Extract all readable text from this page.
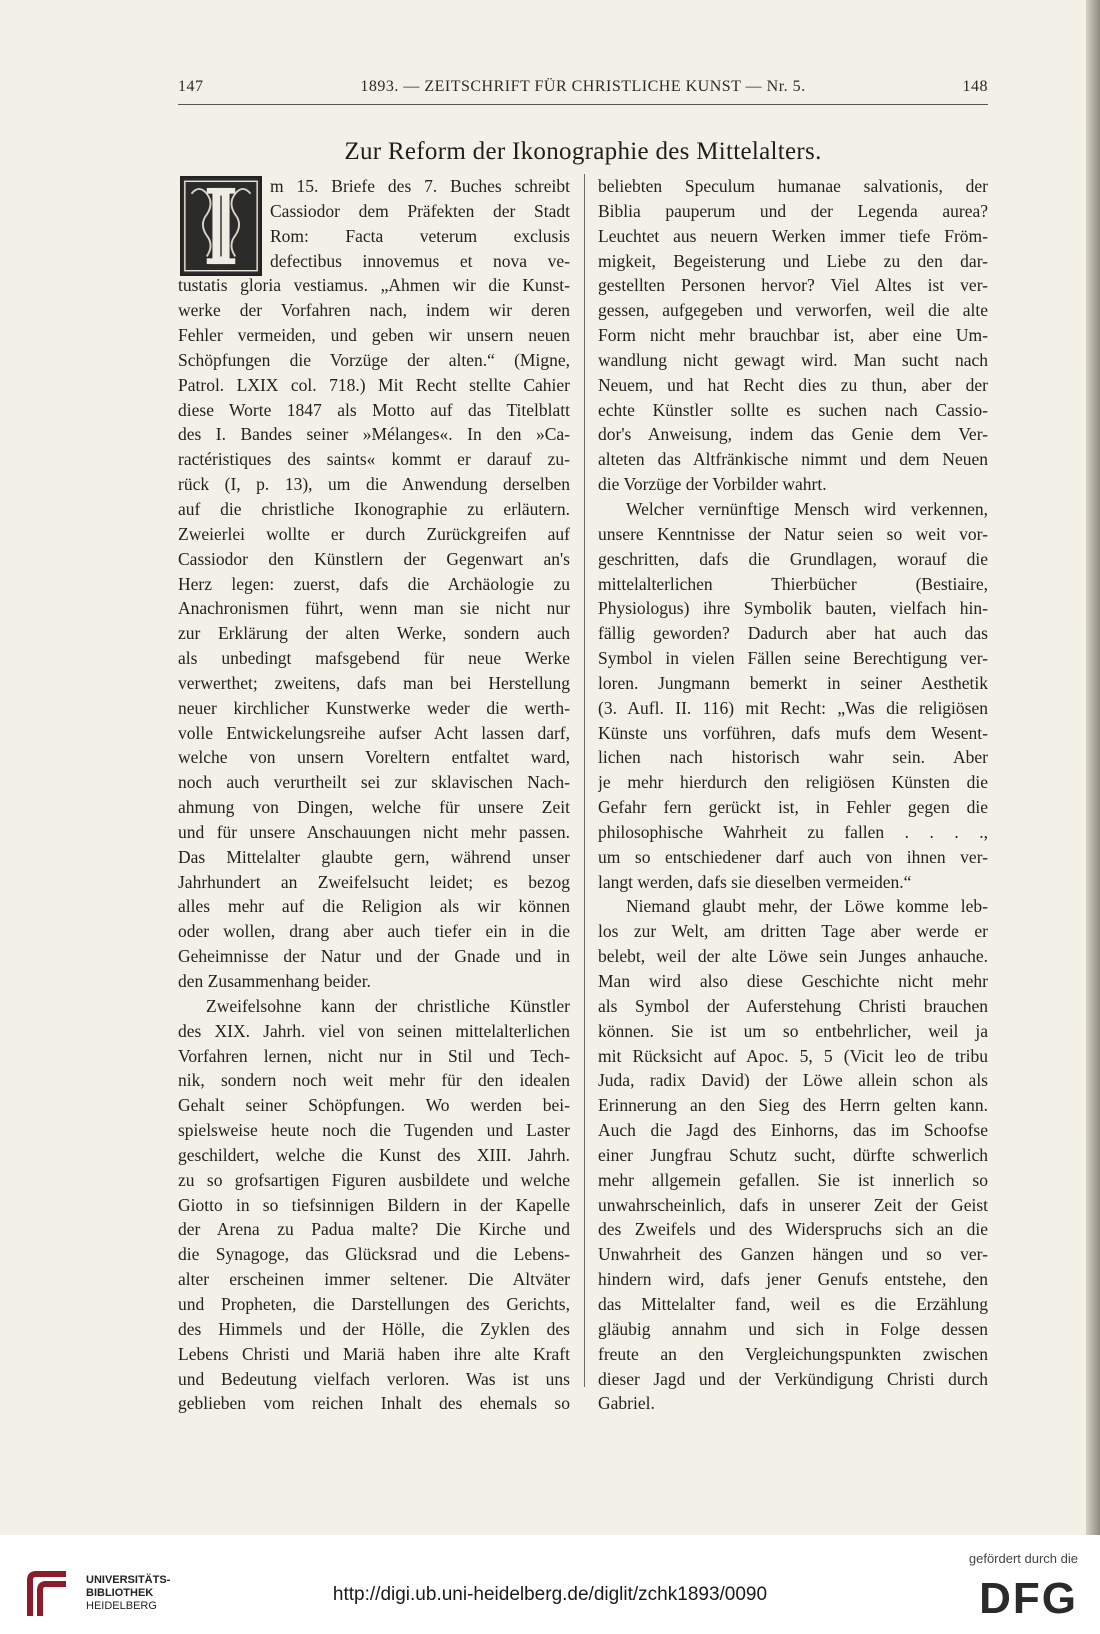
147	1893. — ZEITSCHRIFT FÜR CHRISTLICHE KUNST — Nr. 5.	148
Zur Reform der Ikonographie des Mittelalters.
m 15. Briefe des 7. Buches schreibt
Cassiodor dem Präfekten der Stadt
Rom: Facta veterum exclusis
defectibus innovemus et nova ve-
tustatis gloria vestiamus. „Ahmen wir die Kunst-
werke der Vorfahren nach, indem wir deren
Fehler vermeiden, und geben wir unsern neuen
Schöpfungen die Vorzüge der alten.“ (Migne,
Patrol. LXIX col. 718.) Mit Recht stellte Cahier
diese Worte 1847 als Motto auf das Titelblatt
des I. Bandes seiner »Mélanges«. In den »Ca-
ractéristiques des saints« kommt er darauf zu-
rück (I, p. 13), um die Anwendung derselben
auf die christliche Ikonographie zu erläutern.
Zweierlei wollte er durch Zurückgreifen auf
Cassiodor den Künstlern der Gegenwart an's
Herz legen: zuerst, dafs die Archäologie zu
Anachronismen führt, wenn man sie nicht nur
zur Erklärung der alten Werke, sondern auch
als unbedingt mafsgebend für neue Werke
verwerthet; zweitens, dafs man bei Herstellung
neuer kirchlicher Kunstwerke weder die werth-
volle Entwickelungsreihe aufser Acht lassen darf,
welche von unsern Voreltern entfaltet ward,
noch auch verurtheilt sei zur sklavischen Nach-
ahmung von Dingen, welche für unsere Zeit
und für unsere Anschauungen nicht mehr passen.
Das Mittelalter glaubte gern, während unser
Jahrhundert an Zweifelsucht leidet; es bezog
alles mehr auf die Religion als wir können
oder wollen, drang aber auch tiefer ein in die
Geheimnisse der Natur und der Gnade und in
den Zusammenhang beider.
Zweifelsohne kann der christliche Künstler
des XIX. Jahrh. viel von seinen mittelalterlichen
Vorfahren lernen, nicht nur in Stil und Tech-
nik, sondern noch weit mehr für den idealen
Gehalt seiner Schöpfungen. Wo werden bei-
spielsweise heute noch die Tugenden und Laster
geschildert, welche die Kunst des XIII. Jahrh.
zu so grofsartigen Figuren ausbildete und welche
Giotto in so tiefsinnigen Bildern in der Kapelle
der Arena zu Padua malte? Die Kirche und
die Synagoge, das Glücksrad und die Lebens-
alter erscheinen immer seltener. Die Altväter
und Propheten, die Darstellungen des Gerichts,
des Himmels und der Hölle, die Zyklen des
Lebens Christi und Mariä haben ihre alte Kraft
und Bedeutung vielfach verloren. Was ist uns
geblieben vom reichen Inhalt des ehemals so
beliebten Speculum humanae salvationis, der
Biblia pauperum und der Legenda aurea?
Leuchtet aus neuern Werken immer tiefe Fröm-
migkeit, Begeisterung und Liebe zu den dar-
gestellten Personen hervor? Viel Altes ist ver-
gessen, aufgegeben und verworfen, weil die alte
Form nicht mehr brauchbar ist, aber eine Um-
wandlung nicht gewagt wird. Man sucht nach
Neuem, und hat Recht dies zu thun, aber der
echte Künstler sollte es suchen nach Cassio-
dor's Anweisung, indem das Genie dem Ver-
alteten das Altfränkische nimmt und dem Neuen
die Vorzüge der Vorbilder wahrt.
Welcher vernünftige Mensch wird verkennen,
unsere Kenntnisse der Natur seien so weit vor-
geschritten, dafs die Grundlagen, worauf die
mittelalterlichen Thierbücher (Bestiaire,
Physiologus) ihre Symbolik bauten, vielfach hin-
fällig geworden? Dadurch aber hat auch das
Symbol in vielen Fällen seine Berechtigung ver-
loren. Jungmann bemerkt in seiner Aesthetik
(3. Aufl. II. 116) mit Recht: „Was die religiösen
Künste uns vorführen, dafs mufs dem Wesent-
lichen nach historisch wahr sein. Aber
je mehr hierdurch den religiösen Künsten die
Gefahr fern gerückt ist, in Fehler gegen die
philosophische Wahrheit zu fallen . . . .,
um so entschiedener darf auch von ihnen ver-
langt werden, dafs sie dieselben vermeiden.“
Niemand glaubt mehr, der Löwe komme leb-
los zur Welt, am dritten Tage aber werde er
belebt, weil der alte Löwe sein Junges anhauche.
Man wird also diese Geschichte nicht mehr
als Symbol der Auferstehung Christi brauchen
können. Sie ist um so entbehrlicher, weil ja
mit Rücksicht auf Apoc. 5, 5 (Vicit leo de tribu
Juda, radix David) der Löwe allein schon als
Erinnerung an den Sieg des Herrn gelten kann.
Auch die Jagd des Einhorns, das im Schoofse
einer Jungfrau Schutz sucht, dürfte schwerlich
mehr allgemein gefallen. Sie ist innerlich so
unwahrscheinlich, dafs in unserer Zeit der Geist
des Zweifels und des Widerspruchs sich an die
Unwahrheit des Ganzen hängen und so ver-
hindern wird, dafs jener Genufs entstehe, den
das Mittelalter fand, weil es die Erzählung
gläubig annahm und sich in Folge dessen
freute an den Vergleichungspunkten zwischen
dieser Jagd und der Verkündigung Christi durch
Gabriel.
UNIVERSITÄTS-
BIBLIOTHEK
HEIDELBERG
http://digi.ub.uni-heidelberg.de/diglit/zchk1893/0090
gefördert durch die
DFG
